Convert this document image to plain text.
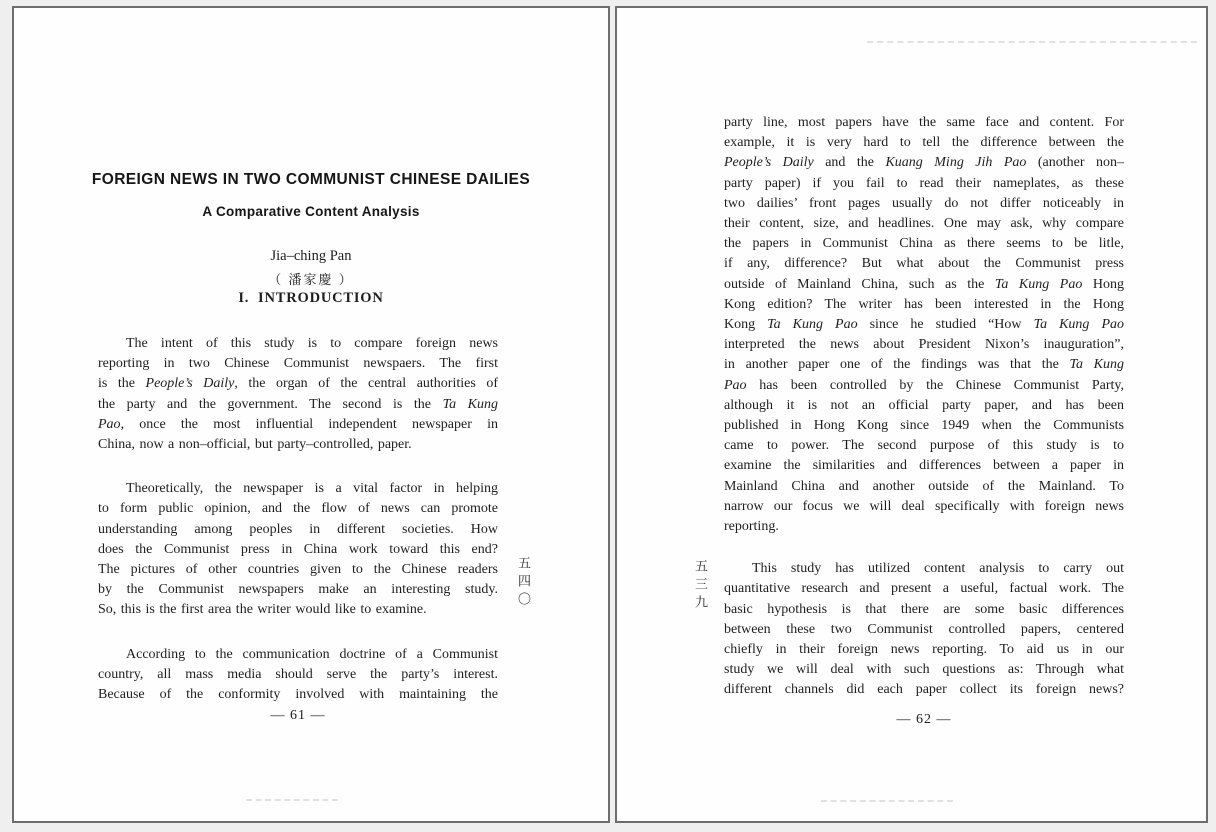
FOREIGN NEWS IN TWO COMMUNIST CHINESE DAILIES
A Comparative Content Analysis
Jia–ching Pan
（ 潘家慶 ）
I.  INTRODUCTION
The intent of this study is to compare foreign news
reporting in two Chinese Communist newspaers. The first
is the People’s Daily, the organ of the central authorities of
the party and the government. The second is the Ta Kung
Pao, once the most influential independent newspaper in
China, now a non–official, but party–controlled, paper.
Theoretically, the newspaper is a vital factor in helping
to form public opinion, and the flow of news can promote
understanding among peoples in different societies. How
does the Communist press in China work toward this end?
The pictures of other countries given to the Chinese readers
by the Communist newspapers make an interesting study.
So, this is the first area the writer would like to examine.
According to the communication doctrine of a Communist
country, all mass media should serve the party’s interest.
Because of the conformity involved with maintaining the
五四〇
— 61 —
party line, most papers have the same face and content. For
example, it is very hard to tell the difference between the
People’s Daily and the Kuang Ming Jih Pao (another non–
party paper) if you fail to read their nameplates, as these
two dailies’ front pages usually do not differ noticeably in
their content, size, and headlines. One may ask, why compare
the papers in Communist China as there seems to be litle,
if any, difference? But what about the Communist press
outside of Mainland China, such as the Ta Kung Pao Hong
Kong edition? The writer has been interested in the Hong
Kong Ta Kung Pao since he studied “How Ta Kung Pao
interpreted the news about President Nixon’s inauguration”,
in another paper one of the findings was that the Ta Kung
Pao has been controlled by the Chinese Communist Party,
although it is not an official party paper, and has been
published in Hong Kong since 1949 when the Communists
came to power. The second purpose of this study is to
examine the similarities and differences between a paper in
Mainland China and another outside of the Mainland. To
narrow our focus we will deal specifically with foreign news
reporting.
This study has utilized content analysis to carry out
quantitative research and present a useful, factual work. The
basic hypothesis is that there are some basic differences
between these two Communist controlled papers, centered
chiefly in their foreign news reporting. To aid us in our
study we will deal with such questions as: Through what
different channels did each paper collect its foreign news?
五三九
— 62 —
